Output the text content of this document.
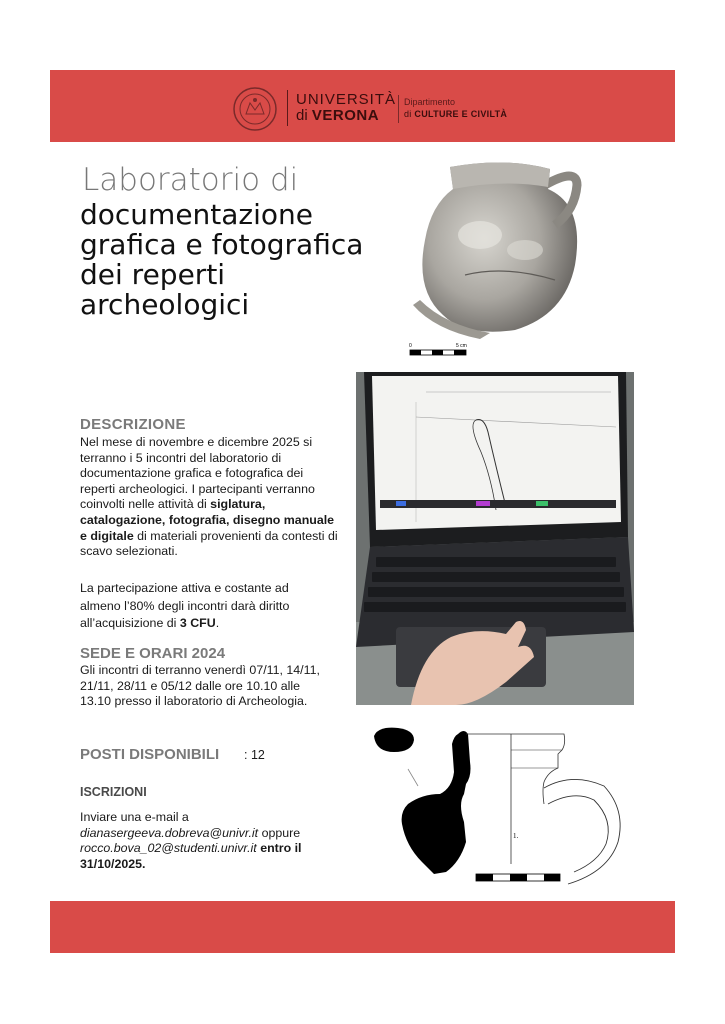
UNIVERSITÀ
di VERONA
Dipartimento
di CULTURE E CIVILTÀ
Laboratorio di
documentazione grafica e fotografica dei reperti archeologici
0	5 cm
DESCRIZIONE
Nel mese di novembre e dicembre 2025 si terranno i 5 incontri del laboratorio di documentazione grafica e fotografica dei reperti archeologici. I partecipanti verranno coinvolti nelle attività di siglatura, catalogazione, fotografia, disegno manuale e digitale di materiali provenienti da contesti di scavo selezionati.
La partecipazione attiva e costante ad almeno l’80% degli incontri darà diritto all’acquisizione di 3 CFU.
SEDE E ORARI 2024
Gli incontri di terranno venerdì 07/11, 14/11, 21/11, 28/11 e 05/12 dalle ore 10.10 alle 13.10 presso il laboratorio di Archeologia.
POSTI DISPONIBILI : 12
ISCRIZIONI
Inviare una e-mail a
dianasergeeva.dobreva@univr.it oppure
rocco.bova_02@studenti.univr.it entro il 31/10/2025.
1.
